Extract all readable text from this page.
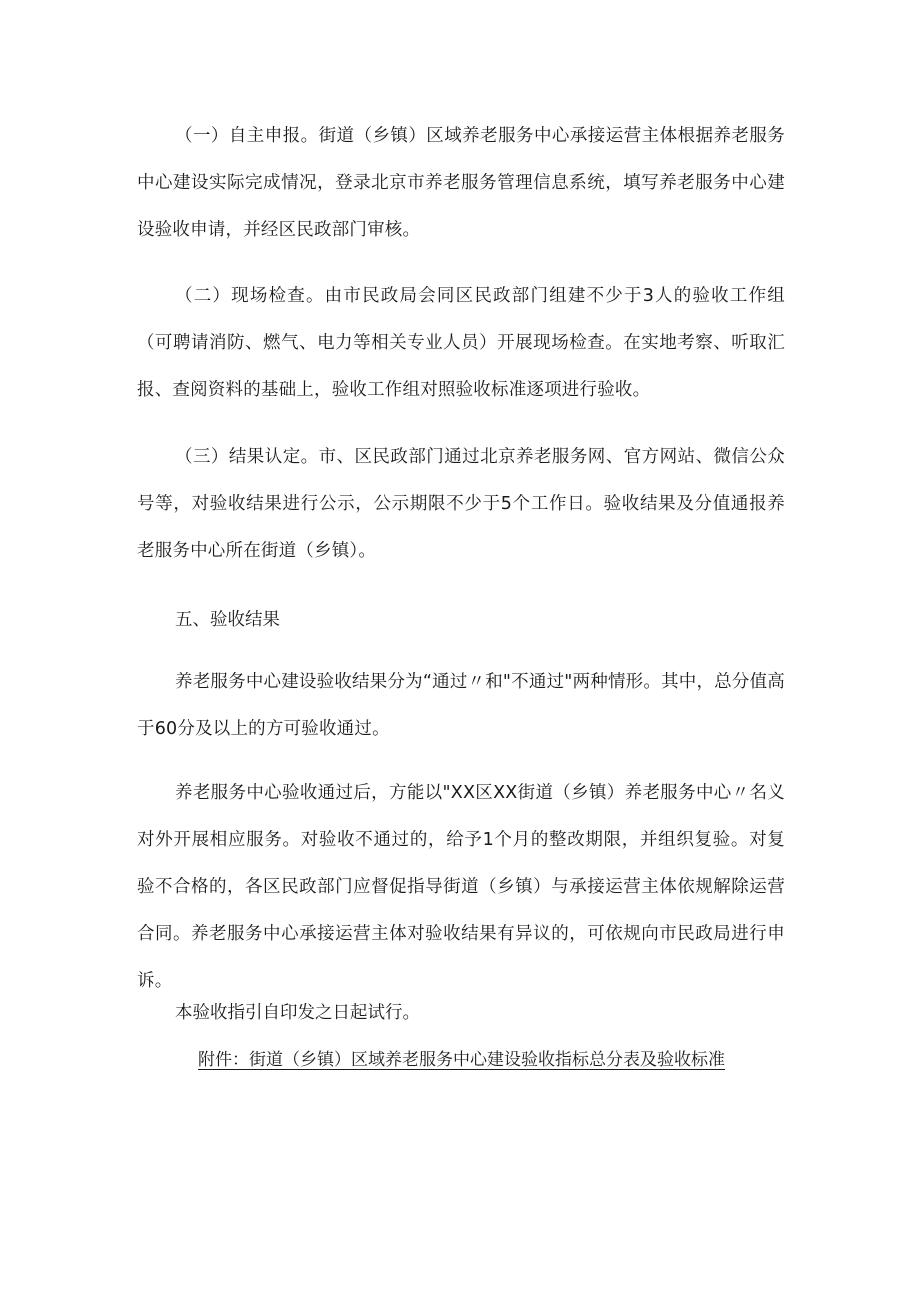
（一）自主申报。街道（乡镇）区域养老服务中心承接运营主体根据养老服务中心建设实际完成情况，登录北京市养老服务管理信息系统，填写养老服务中心建设验收申请，并经区民政部门审核。

（二）现场检查。由市民政局会同区民政部门组建不少于3人的验收工作组（可聘请消防、燃气、电力等相关专业人员）开展现场检查。在实地考察、听取汇报、查阅资料的基础上，验收工作组对照验收标准逐项进行验收。

（三）结果认定。市、区民政部门通过北京养老服务网、官方网站、微信公众号等，对验收结果进行公示，公示期限不少于5个工作日。验收结果及分值通报养老服务中心所在街道（乡镇）。

五、验收结果

养老服务中心建设验收结果分为“通过〃和"不通过"两种情形。其中，总分值高于60分及以上的方可验收通过。

养老服务中心验收通过后，方能以"XX区XX街道（乡镇）养老服务中心〃名义对外开展相应服务。对验收不通过的，给予1个月的整改期限，并组织复验。对复验不合格的，各区民政部门应督促指导街道（乡镇）与承接运营主体依规解除运营合同。养老服务中心承接运营主体对验收结果有异议的，可依规向市民政局进行申诉。

本验收指引自印发之日起试行。

附件：街道（乡镇）区域养老服务中心建设验收指标总分表及验收标准
